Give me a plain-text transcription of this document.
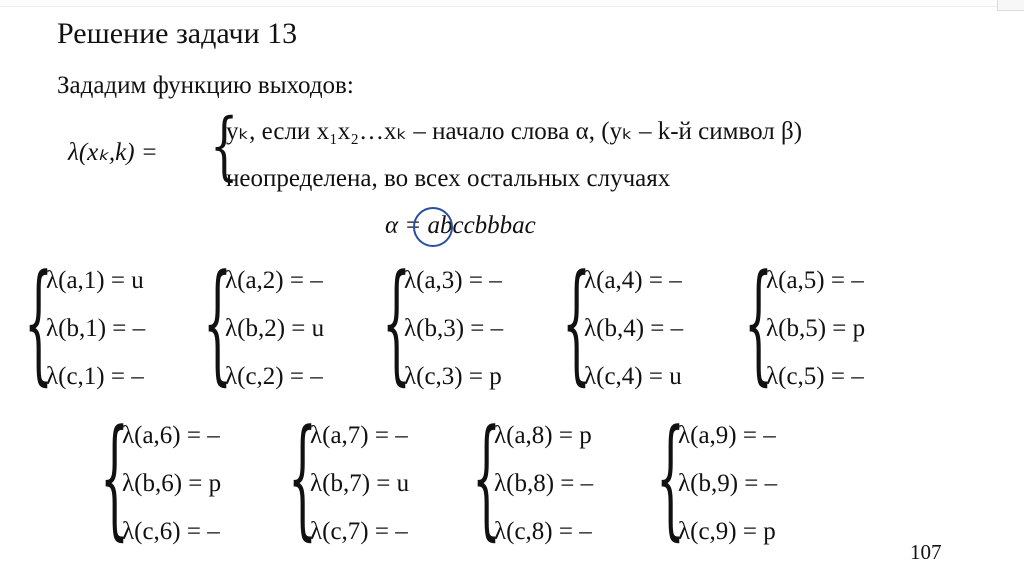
Решение задачи 13
Зададим функцию выходов:
λ(xₖ,k) = {
yₖ, если x₁x₂…xₖ – начало слова α, (yₖ – k-й символ β)
неопределена, во всех остальных случаях
α = abccbbbac
{
λ(a,1) = u
λ(b,1) = –
λ(c,1) = – {
λ(a,2) = –
λ(b,2) = u
λ(c,2) = – {
λ(a,3) = –
λ(b,3) = –
λ(c,3) = p {
λ(a,4) = –
λ(b,4) = –
λ(c,4) = u {
λ(a,5) = –
λ(b,5) = p
λ(c,5) = –
{
λ(a,6) = –
λ(b,6) = p
λ(c,6) = – {
λ(a,7) = –
λ(b,7) = u
λ(c,7) = – {
λ(a,8) = p
λ(b,8) = –
λ(c,8) = – {
λ(a,9) = –
λ(b,9) = –
λ(c,9) = p
107
